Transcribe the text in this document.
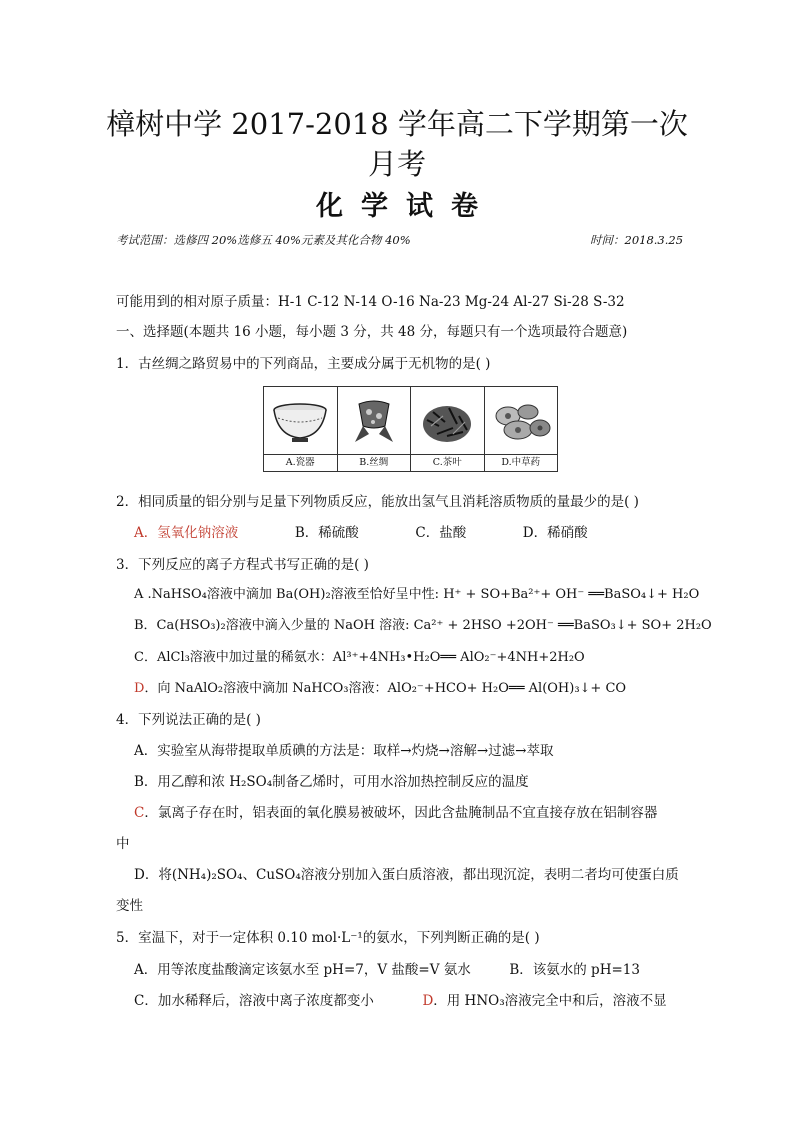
樟树中学 2017-2018 学年高二下学期第一次
月考
化学试卷
考试范围：选修四 20%选修五 40%元素及其化合物 40%	时间：2018.3.25
可能用到的相对原子质量：H-1 C-12 N-14 O-16 Na-23 Mg-24 Al-27 Si-28 S-32
一、选择题(本题共 16 小题，每小题 3 分，共 48 分，每题只有一个选项最符合题意)
1．古丝绸之路贸易中的下列商品，主要成分属于无机物的是( )
A.瓷器	B.丝绸	C.茶叶	D.中草药
2．相同质量的铝分别与足量下列物质反应，能放出氢气且消耗溶质物质的量最少的是( )
A．氢氧化钠溶液	B．稀硫酸	C．盐酸	D．稀硝酸
3．下列反应的离子方程式书写正确的是( )
A .NaHSO₄溶液中滴加 Ba(OH)₂溶液至恰好呈中性: H⁺ + SO+Ba²⁺+ OH⁻ ══BaSO₄↓+ H₂O
B．Ca(HSO₃)₂溶液中滴入少量的 NaOH 溶液: Ca²⁺ + 2HSO +2OH⁻ ══BaSO₃↓+ SO+ 2H₂O
C．AlCl₃溶液中加过量的稀氨水：Al³⁺+4NH₃•H₂O══ AlO₂⁻+4NH+2H₂O
D．向 NaAlO₂溶液中滴加 NaHCO₃溶液：AlO₂⁻+HCO+ H₂O══ Al(OH)₃↓+ CO
4．下列说法正确的是( )
A．实验室从海带提取单质碘的方法是：取样→灼烧→溶解→过滤→萃取
B．用乙醇和浓 H₂SO₄制备乙烯时，可用水浴加热控制反应的温度
C．氯离子存在时，铝表面的氧化膜易被破坏，因此含盐腌制品不宜直接存放在铝制容器
中
D．将(NH₄)₂SO₄、CuSO₄溶液分别加入蛋白质溶液，都出现沉淀，表明二者均可使蛋白质
变性
5．室温下，对于一定体积 0.10 mol·L⁻¹的氨水，下列判断正确的是( )
A．用等浓度盐酸滴定该氨水至 pH=7，V 盐酸=V 氨水	B．该氨水的 pH=13
C．加水稀释后，溶液中离子浓度都变小	D．用 HNO₃溶液完全中和后，溶液不显
